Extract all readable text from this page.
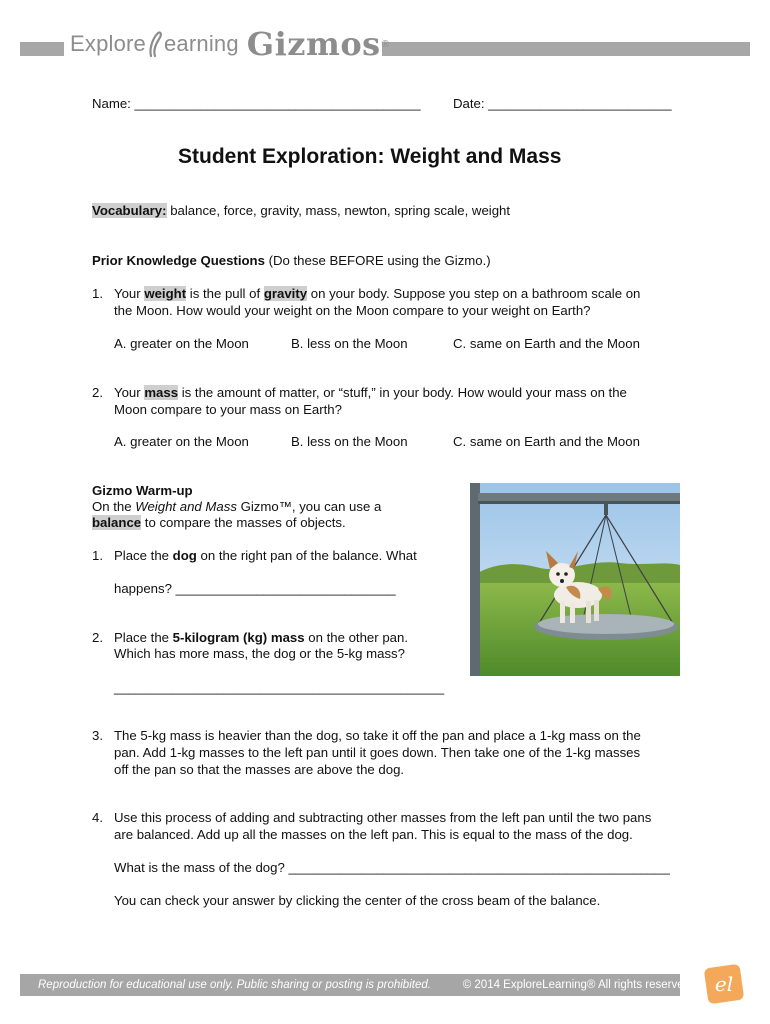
Explore earning Gizmos ®
Name: _______________________________________ Date: _________________________
Student Exploration: Weight and Mass
Vocabulary: balance, force, gravity, mass, newton, spring scale, weight
Prior Knowledge Questions (Do these BEFORE using the Gizmo.)
1. Your weight is the pull of gravity on your body. Suppose you step on a bathroom scale on
the Moon. How would your weight on the Moon compare to your weight on Earth?
A. greater on the Moon	B. less on the Moon	C. same on Earth and the Moon
2. Your mass is the amount of matter, or “stuff,” in your body. How would your mass on the
Moon compare to your mass on Earth?
A. greater on the Moon	B. less on the Moon	C. same on Earth and the Moon
Gizmo Warm-up
On the Weight and Mass Gizmo™, you can use a
balance to compare the masses of objects.
1. Place the dog on the right pan of the balance. What
happens? ______________________________
2. Place the 5-kilogram (kg) mass on the other pan.
Which has more mass, the dog or the 5-kg mass?
_____________________________________________
3. The 5-kg mass is heavier than the dog, so take it off the pan and place a 1-kg mass on the
pan. Add 1-kg masses to the left pan until it goes down. Then take one of the 1-kg masses
off the pan so that the masses are above the dog.
4. Use this process of adding and subtracting other masses from the left pan until the two pans
are balanced. Add up all the masses on the left pan. This is equal to the mass of the dog.
What is the mass of the dog? ____________________________________________________
You can check your answer by clicking the center of the cross beam of the balance.
Reproduction for educational use only. Public sharing or posting is prohibited.	© 2014 ExploreLearning® All rights reserved el
